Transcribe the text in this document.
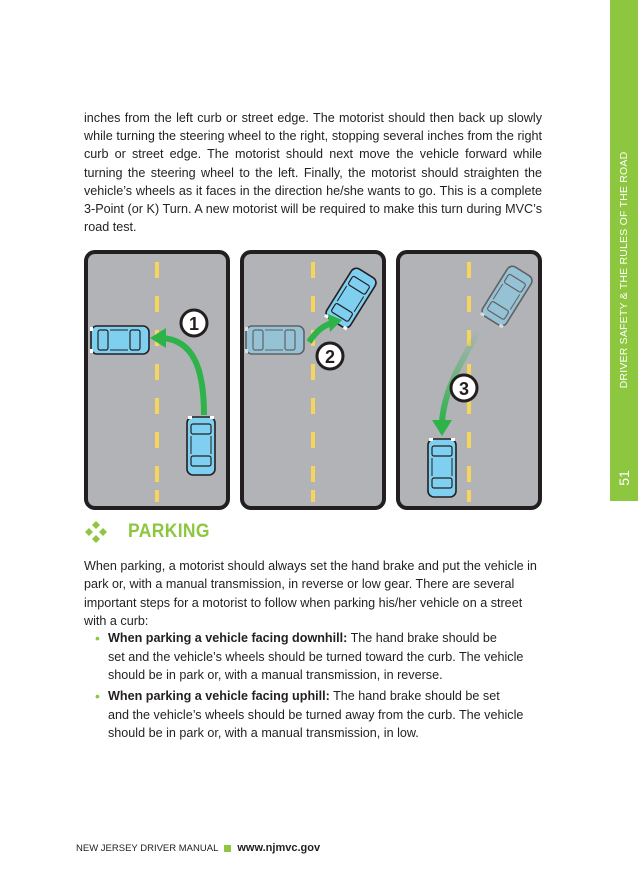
DRIVER SAFETY & THE RULES OF THE ROAD
51

inches from the left curb or street edge. The motorist should then back up slowly while turning the steering wheel to the right, stopping several inches from the right curb or street edge. The motorist should next move the vehicle forward while turning the steering wheel to the left. Finally, the motorist should straighten the vehicle’s wheels as it faces in the direction he/she wants to go. This is a complete 3-Point (or K) Turn. A new motorist will be required to make this turn during MVC’s road test.

1
2
3
PARKING

When parking, a motorist should always set the hand brake and put the vehicle in park or, with a manual transmission, in reverse or low gear. There are several important steps for a motorist to follow when parking his/her vehicle on a street with a curb:

• When parking a vehicle facing downhill: The hand brake should be
set and the vehicle’s wheels should be turned toward the curb. The vehicle
should be in park or, with a manual transmission, in reverse.
• When parking a vehicle facing uphill: The hand brake should be set
and the vehicle’s wheels should be turned away from the curb. The vehicle
should be in park or, with a manual transmission, in low.
NEW JERSEY DRIVER MANUAL www.njmvc.gov
